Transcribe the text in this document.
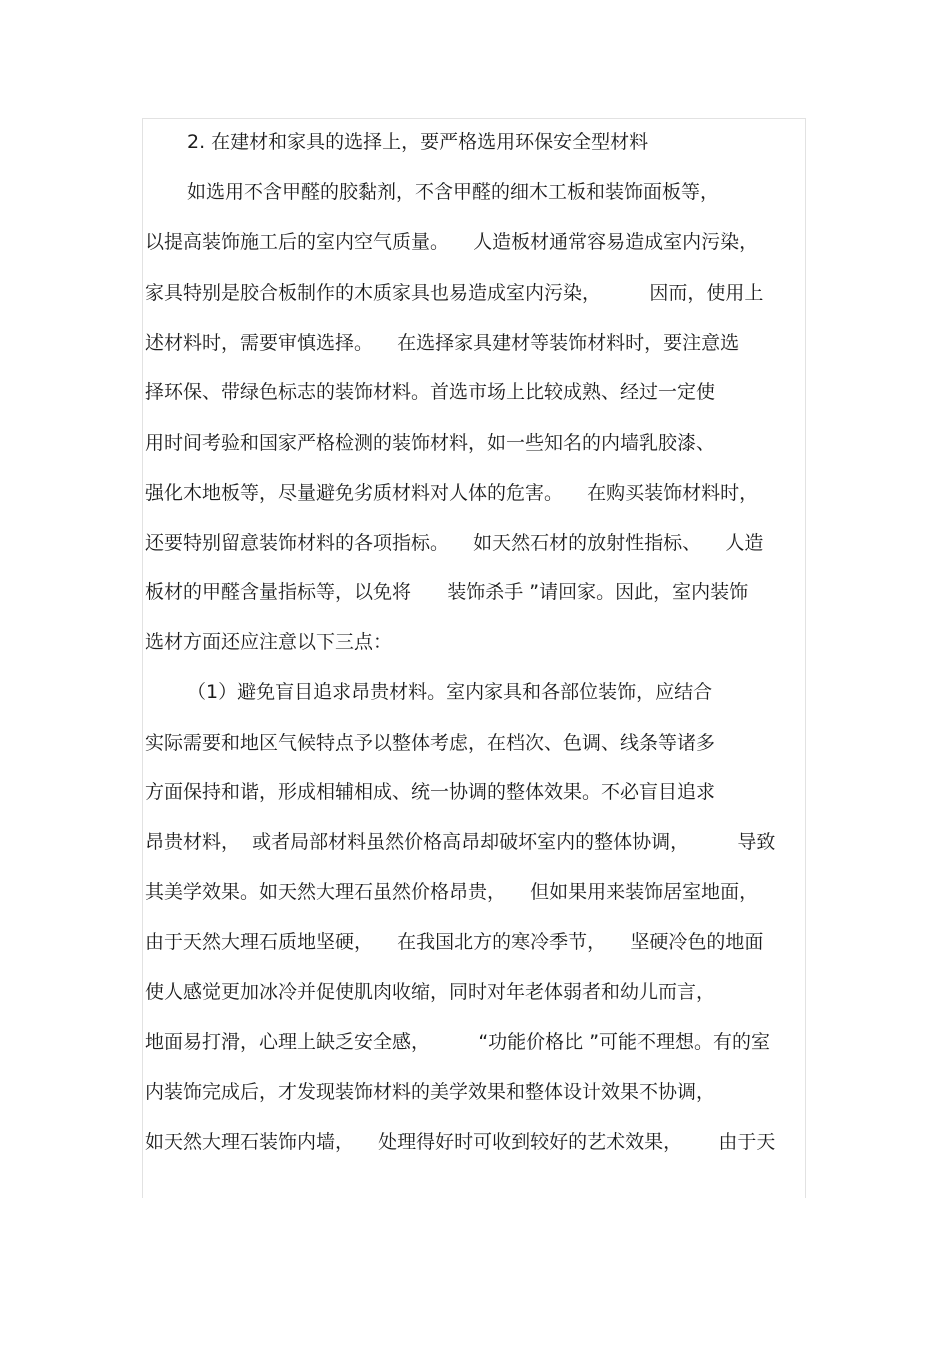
2. 在建材和家具的选择上，要严格选用环保安全型材料
如选用不含甲醛的胶黏剂，不含甲醛的细木工板和装饰面板等，
以提高装饰施工后的室内空气质量。    人造板材通常容易造成室内污染，
家具特别是胶合板制作的木质家具也易造成室内污染，        因而，使用上
述材料时，需要审慎选择。    在选择家具建材等装饰材料时，要注意选
择环保、带绿色标志的装饰材料。首选市场上比较成熟、经过一定使
用时间考验和国家严格检测的装饰材料，如一些知名的内墙乳胶漆、
强化木地板等，尽量避免劣质材料对人体的危害。    在购买装饰材料时，
还要特别留意装饰材料的各项指标。    如天然石材的放射性指标、    人造
板材的甲醛含量指标等，以免将      装饰杀手 ”请回家。因此，室内装饰
选材方面还应注意以下三点：
（1）避免盲目追求昂贵材料。室内家具和各部位装饰，应结合
实际需要和地区气候特点予以整体考虑，在档次、色调、线条等诸多
方面保持和谐，形成相辅相成、统一协调的整体效果。不必盲目追求
昂贵材料，  或者局部材料虽然价格高昂却破坏室内的整体协调，        导致
其美学效果。如天然大理石虽然价格昂贵，    但如果用来装饰居室地面，
由于天然大理石质地坚硬，    在我国北方的寒冷季节，    坚硬冷色的地面
使人感觉更加冰冷并促使肌肉收缩，同时对年老体弱者和幼儿而言，
地面易打滑，心理上缺乏安全感，        “功能价格比 ”可能不理想。有的室
内装饰完成后，才发现装饰材料的美学效果和整体设计效果不协调，
如天然大理石装饰内墙，    处理得好时可收到较好的艺术效果，      由于天
